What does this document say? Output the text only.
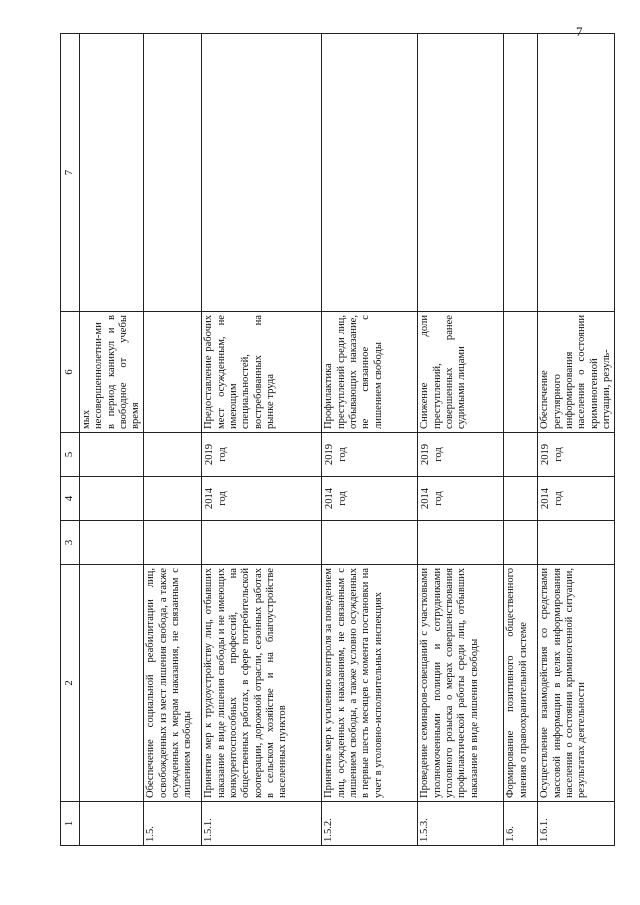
7
1	2	3	4	5	6	7
					мых несовершеннолетни-ми в период каникул и в свободное от учебы время	
1.5.	Обеспечение социальной реабилитации лиц, освобожденных из мест лишения свобода, а также осужденных к мерам наказания, не связанным с лишением свободы					
1.5.1.	Принятие мер к трудоустройству лиц, отбывших наказание в виде лишения свободы и не имеющих конкурентоспособных профессий, на общественных работах, в сфере потребительской кооперации, дорожной отрасли, сезонных работах в сельском хозяйстве и на благоустройстве населенных пунктов		2014 год	2019 год	Предоставление рабочих мест осужденным, не имеющим специальностей, востребованных на рынке труда	
1.5.2.	Принятие мер к усилению контроля за поведением лиц, осужденных к наказаниям, не связанным с лишением свободы, а также условно осужденных в первые шесть месяцев с момента постановки на учет в уголовно-исполнительных инспекциях		2014 год	2019 год	Профилактика преступлений среди лиц, отбывающих наказание, не связанное с лишением свободы	
1.5.3.	Проведение семинаров-совещаний с участковыми уполномоченными полиции и сотрудниками уголовного розыска о мерах совершенствования профилактической работы среди лиц, отбывших наказание в виде лишения свободы		2014 год	2019 год	Снижение доли преступлений, совершенных ранее судимыми лицами	
1.6.	Формирование позитивного общественного мнения о правоохранительной системе					
1.6.1.	Осуществление взаимодействия со средствами массовой информации в целях информирования населения о состоянии криминогенной ситуации, результатах деятельности		2014 год	2019 год	Обеспечение регулярного информирования населения о состоянии криминогенной ситуации, резуль-	
